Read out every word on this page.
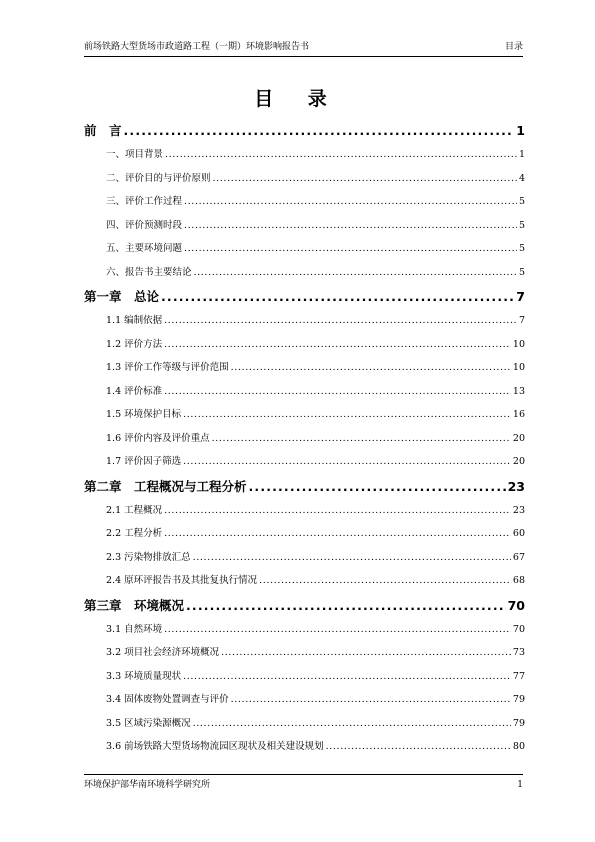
前场铁路大型货场市政道路工程（一期）环境影响报告书	目录
目 录
前　言 . . .	1
一、项目背景 . . .	1
二、评价目的与评价原则 . . .	4
三、评价工作过程 . . .	5
四、评价预测时段 . . .	5
五、主要环境问题 . . .	5
六、报告书主要结论 . . .	5
第一章　总论 . . .	7
1.1 编制依据 . . .	7
1.2 评价方法 . . .	10
1.3 评价工作等级与评价范围 . . .	10
1.4 评价标准 . . .	13
1.5 环境保护目标 . . .	16
1.6 评价内容及评价重点 . . .	20
1.7 评价因子筛选 . . .	20
第二章　工程概况与工程分析 . . .	23
2.1 工程概况 . . .	23
2.2 工程分析 . . .	60
2.3 污染物排放汇总 . . .	67
2.4 原环评报告书及其批复执行情况 . . .	68
第三章　环境概况 . . .	70
3.1 自然环境 . . .	70
3.2 项目社会经济环境概况 . . .	73
3.3 环境质量现状 . . .	77
3.4 固体废物处置调查与评价 . . .	79
3.5 区域污染源概况 . . .	79
3.6 前场铁路大型货场物流园区现状及相关建设规划 . . .	80
环境保护部华南环境科学研究所	1
